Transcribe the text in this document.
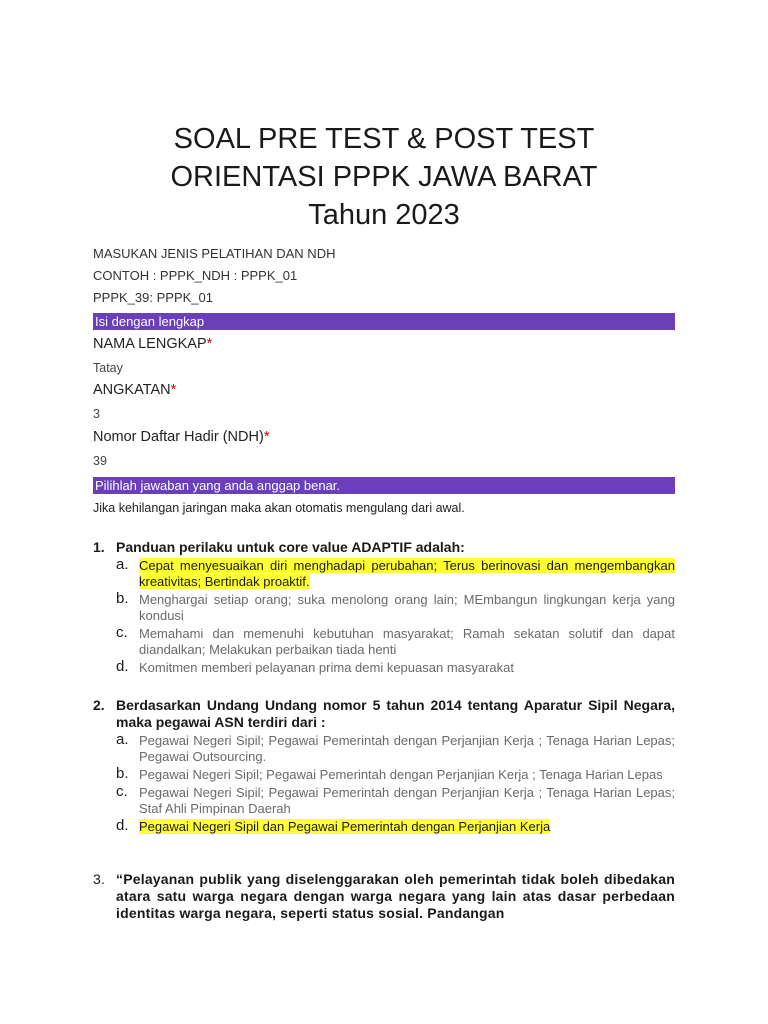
SOAL PRE TEST & POST TEST
ORIENTASI PPPK JAWA BARAT
Tahun 2023
MASUKAN JENIS PELATIHAN DAN NDH
CONTOH : PPPK_NDH : PPPK_01
PPPK_39: PPPK_01
Isi dengan lengkap
NAMA LENGKAP*
Tatay
ANGKATAN*
3
Nomor Daftar Hadir (NDH)*
39
Pilihlah jawaban yang anda anggap benar.
Jika kehilangan jaringan maka akan otomatis mengulang dari awal.
1. Panduan perilaku untuk core value ADAPTIF adalah:
a. Cepat menyesuaikan diri menghadapi perubahan; Terus berinovasi dan mengembangkan kreativitas; Bertindak proaktif.
b. Menghargai setiap orang; suka menolong orang lain; MEmbangun lingkungan kerja yang kondusi
c. Memahami dan memenuhi kebutuhan masyarakat; Ramah sekatan solutif dan dapat diandalkan; Melakukan perbaikan tiada henti
d. Komitmen memberi pelayanan prima demi kepuasan masyarakat
2. Berdasarkan Undang Undang nomor 5 tahun 2014 tentang Aparatur Sipil Negara, maka pegawai ASN terdiri dari :
a. Pegawai Negeri Sipil; Pegawai Pemerintah dengan Perjanjian Kerja ; Tenaga Harian Lepas; Pegawai Outsourcing.
b. Pegawai Negeri Sipil; Pegawai Pemerintah dengan Perjanjian Kerja ; Tenaga Harian Lepas
c. Pegawai Negeri Sipil; Pegawai Pemerintah dengan Perjanjian Kerja ; Tenaga Harian Lepas; Staf Ahli Pimpinan Daerah
d. Pegawai Negeri Sipil dan Pegawai Pemerintah dengan Perjanjian Kerja
3. “Pelayanan publik yang diselenggarakan oleh pemerintah tidak boleh dibedakan atara satu warga negara dengan warga negara yang lain atas dasar perbedaan identitas warga negara, seperti status sosial. Pandangan
